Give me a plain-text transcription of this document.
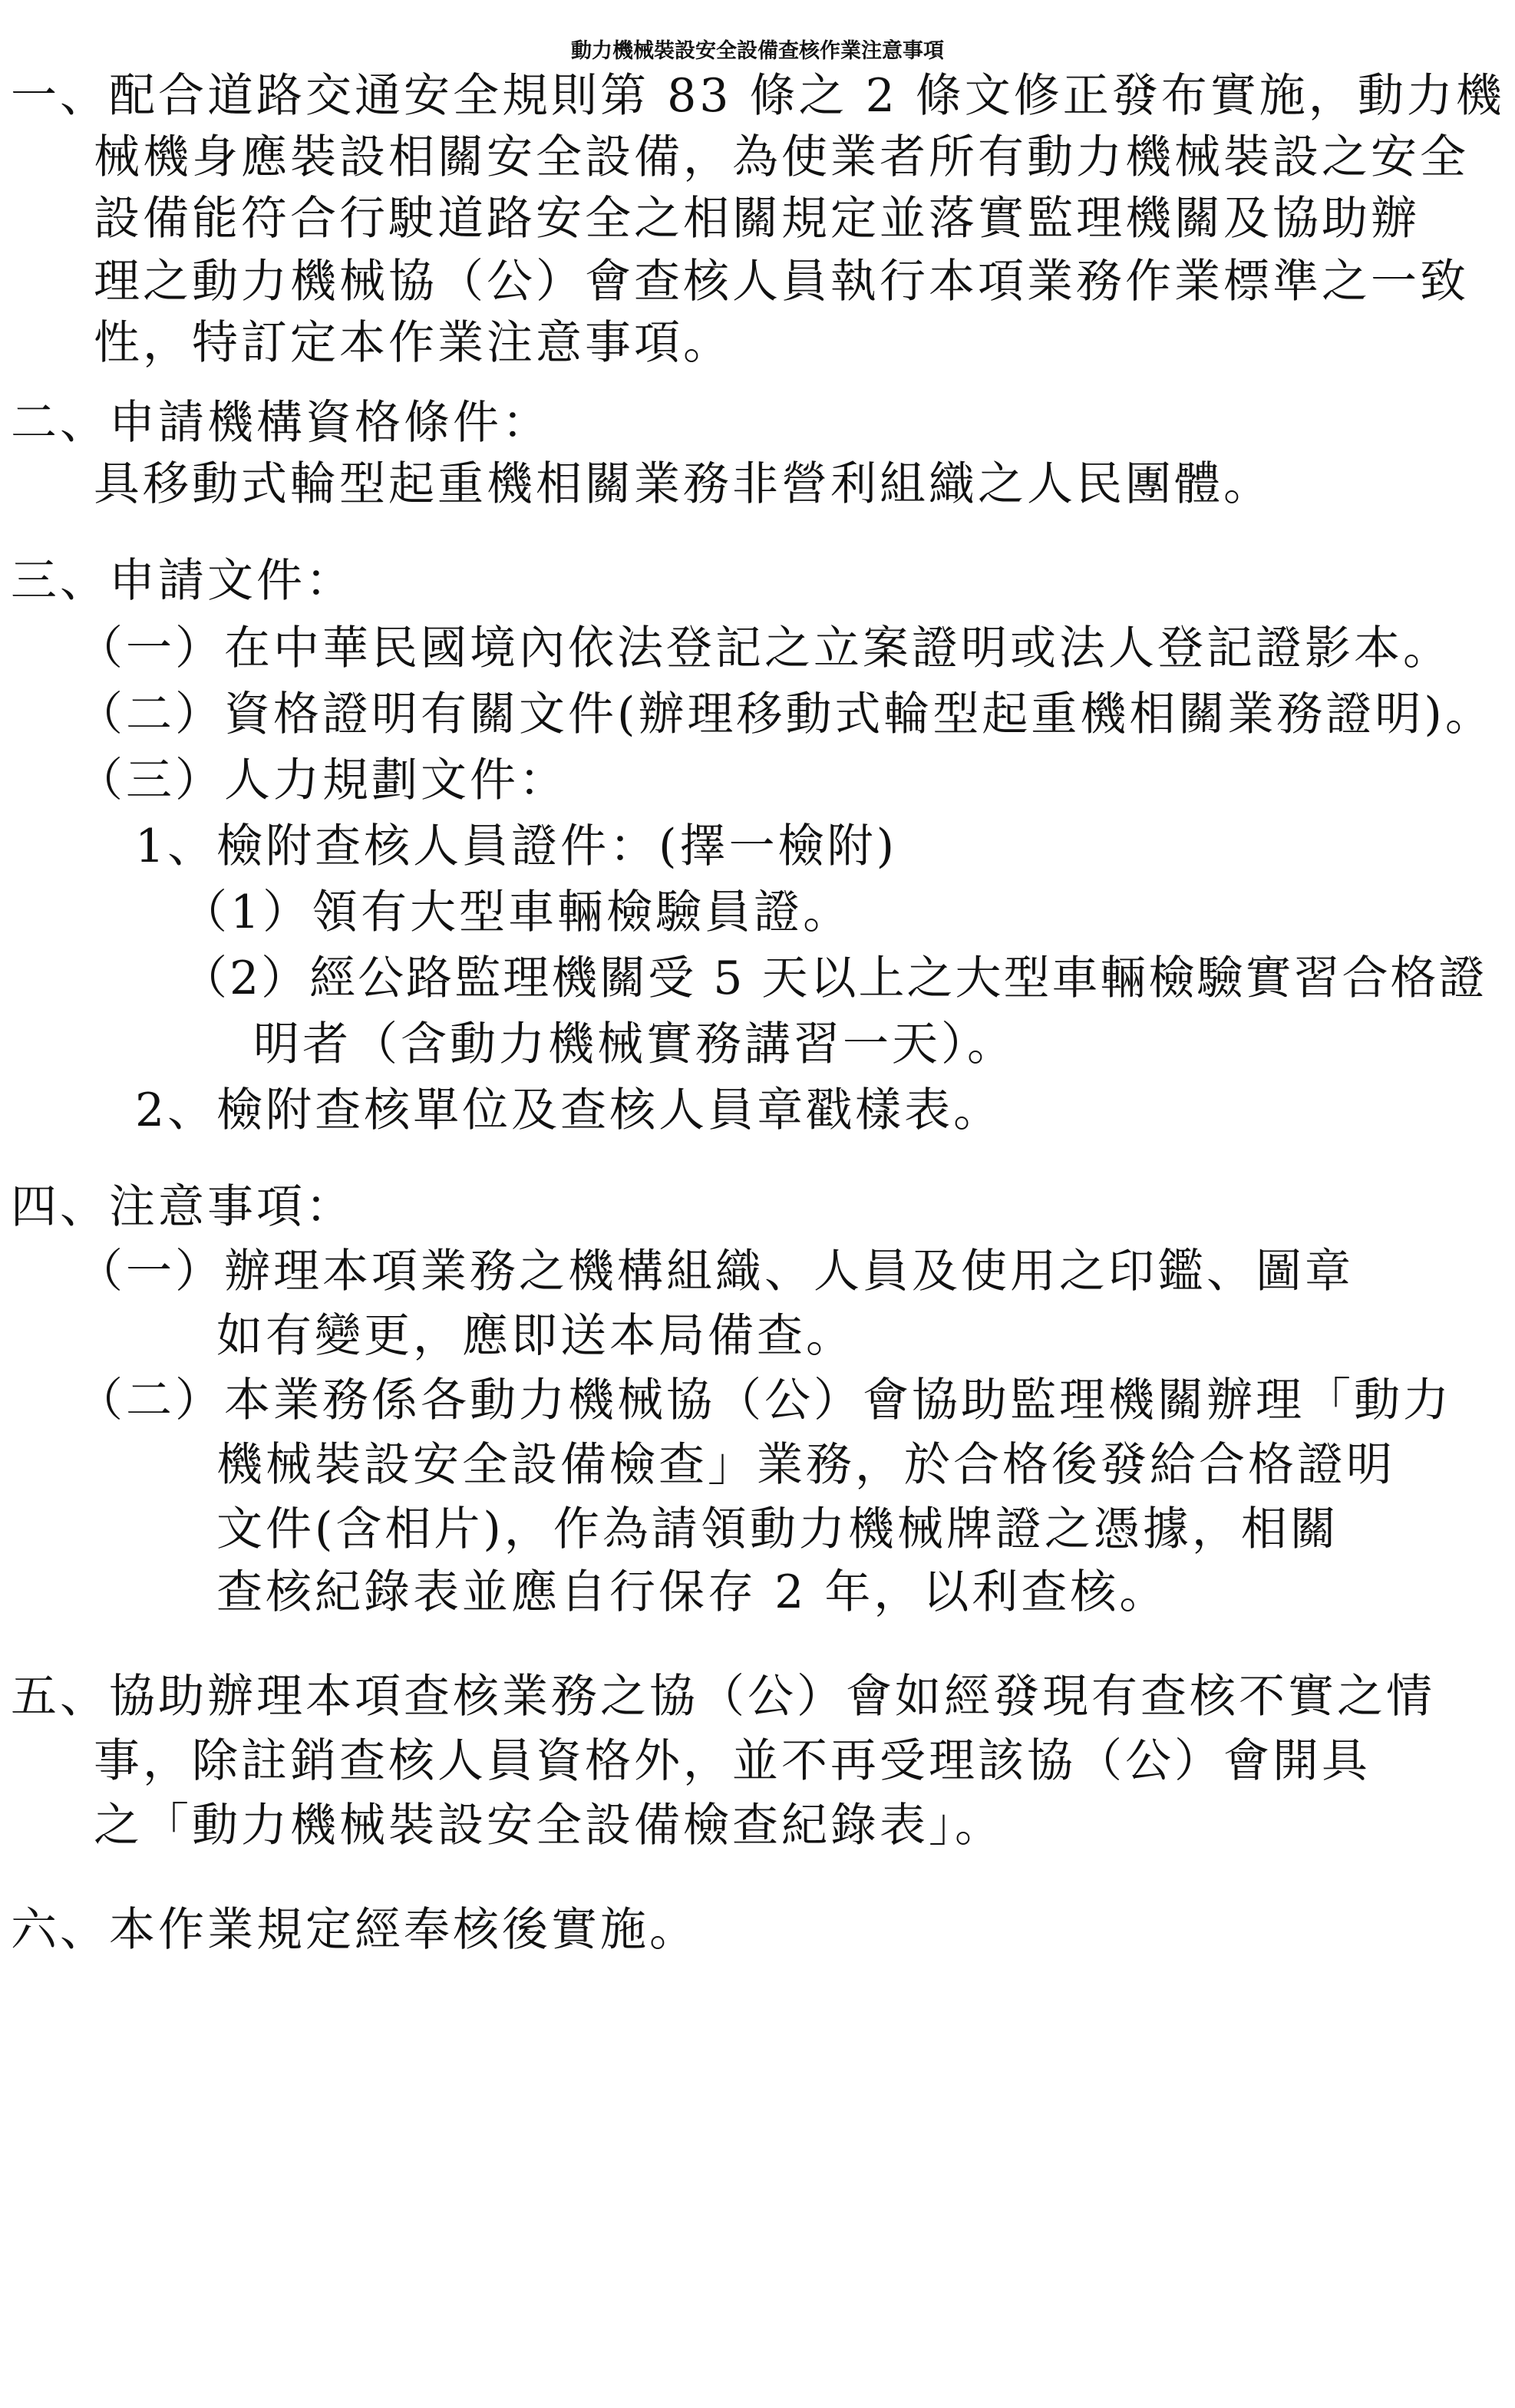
動力機械裝設安全設備查核作業注意事項
一、配合道路交通安全規則第 83 條之 2 條文修正發布實施，動力機
械機身應裝設相關安全設備，為使業者所有動力機械裝設之安全
設備能符合行駛道路安全之相關規定並落實監理機關及協助辦
理之動力機械協（公）會查核人員執行本項業務作業標準之一致
性，特訂定本作業注意事項。
二、申請機構資格條件：
具移動式輪型起重機相關業務非營利組織之人民團體。
三、申請文件：
（一）在中華民國境內依法登記之立案證明或法人登記證影本。
（二）資格證明有關文件(辦理移動式輪型起重機相關業務證明)。
（三）人力規劃文件：
1、檢附查核人員證件：(擇一檢附)
（1）領有大型車輛檢驗員證。
（2）經公路監理機關受 5 天以上之大型車輛檢驗實習合格證
明者（含動力機械實務講習一天）。
2、檢附查核單位及查核人員章戳樣表。
四、注意事項：
（一）辦理本項業務之機構組織、人員及使用之印鑑、圖章
如有變更，應即送本局備查。
（二）本業務係各動力機械協（公）會協助監理機關辦理「動力
機械裝設安全設備檢查」業務，於合格後發給合格證明
文件(含相片)，作為請領動力機械牌證之憑據，相關
查核紀錄表並應自行保存 2 年，以利查核。
五、協助辦理本項查核業務之協（公）會如經發現有查核不實之情
事，除註銷查核人員資格外，並不再受理該協（公）會開具
之「動力機械裝設安全設備檢查紀錄表」。
六、本作業規定經奉核後實施。
